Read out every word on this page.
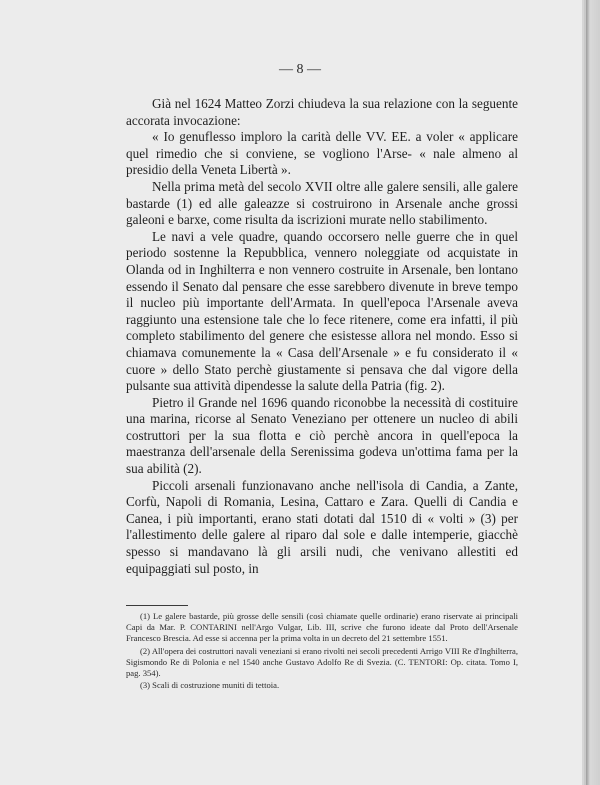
— 8 —

Già nel 1624 Matteo Zorzi chiudeva la sua relazione con la seguente accorata invocazione:

« Io genuflesso imploro la carità delle VV. EE. a voler « applicare quel rimedio che si conviene, se vogliono l'Arse- « nale almeno al presidio della Veneta Libertà ».

Nella prima metà del secolo XVII oltre alle galere sensili, alle galere bastarde (1) ed alle galeazze si costruirono in Arsenale anche grossi galeoni e barxe, come risulta da iscrizioni murate nello stabilimento.

Le navi a vele quadre, quando occorsero nelle guerre che in quel periodo sostenne la Repubblica, vennero noleggiate od acquistate in Olanda od in Inghilterra e non vennero costruite in Arsenale, ben lontano essendo il Senato dal pensare che esse sarebbero divenute in breve tempo il nucleo più importante dell'Armata. In quell'epoca l'Arsenale aveva raggiunto una estensione tale che lo fece ritenere, come era infatti, il più completo stabilimento del genere che esistesse allora nel mondo. Esso si chiamava comunemente la « Casa dell'Arsenale » e fu considerato il « cuore » dello Stato perchè giustamente si pensava che dal vigore della pulsante sua attività dipendesse la salute della Patria (fig. 2).

Pietro il Grande nel 1696 quando riconobbe la necessità di costituire una marina, ricorse al Senato Veneziano per ottenere un nucleo di abili costruttori per la sua flotta e ciò perchè ancora in quell'epoca la maestranza dell'arsenale della Serenissima godeva un'ottima fama per la sua abilità (2).

Piccoli arsenali funzionavano anche nell'isola di Candia, a Zante, Corfù, Napoli di Romania, Lesina, Cattaro e Zara. Quelli di Candia e Canea, i più importanti, erano stati dotati dal 1510 di « volti » (3) per l'allestimento delle galere al riparo dal sole e dalle intemperie, giacchè spesso si mandavano là gli arsili nudi, che venivano allestiti ed equipaggiati sul posto, in

(1) Le galere bastarde, più grosse delle sensili (così chiamate quelle ordinarie) erano riservate ai principali Capi da Mar. P. CONTARINI nell'Argo Vulgar, Lib. III, scrive che furono ideate dal Proto dell'Arsenale Francesco Brescia. Ad esse si accenna per la prima volta in un decreto del 21 settembre 1551.

(2) All'opera dei costruttori navali veneziani si erano rivolti nei secoli precedenti Arrigo VIII Re d'Inghilterra, Sigismondo Re di Polonia e nel 1540 anche Gustavo Adolfo Re di Svezia. (C. TENTORI: Op. citata. Tomo I, pag. 354).

(3) Scali di costruzione muniti di tettoia.
